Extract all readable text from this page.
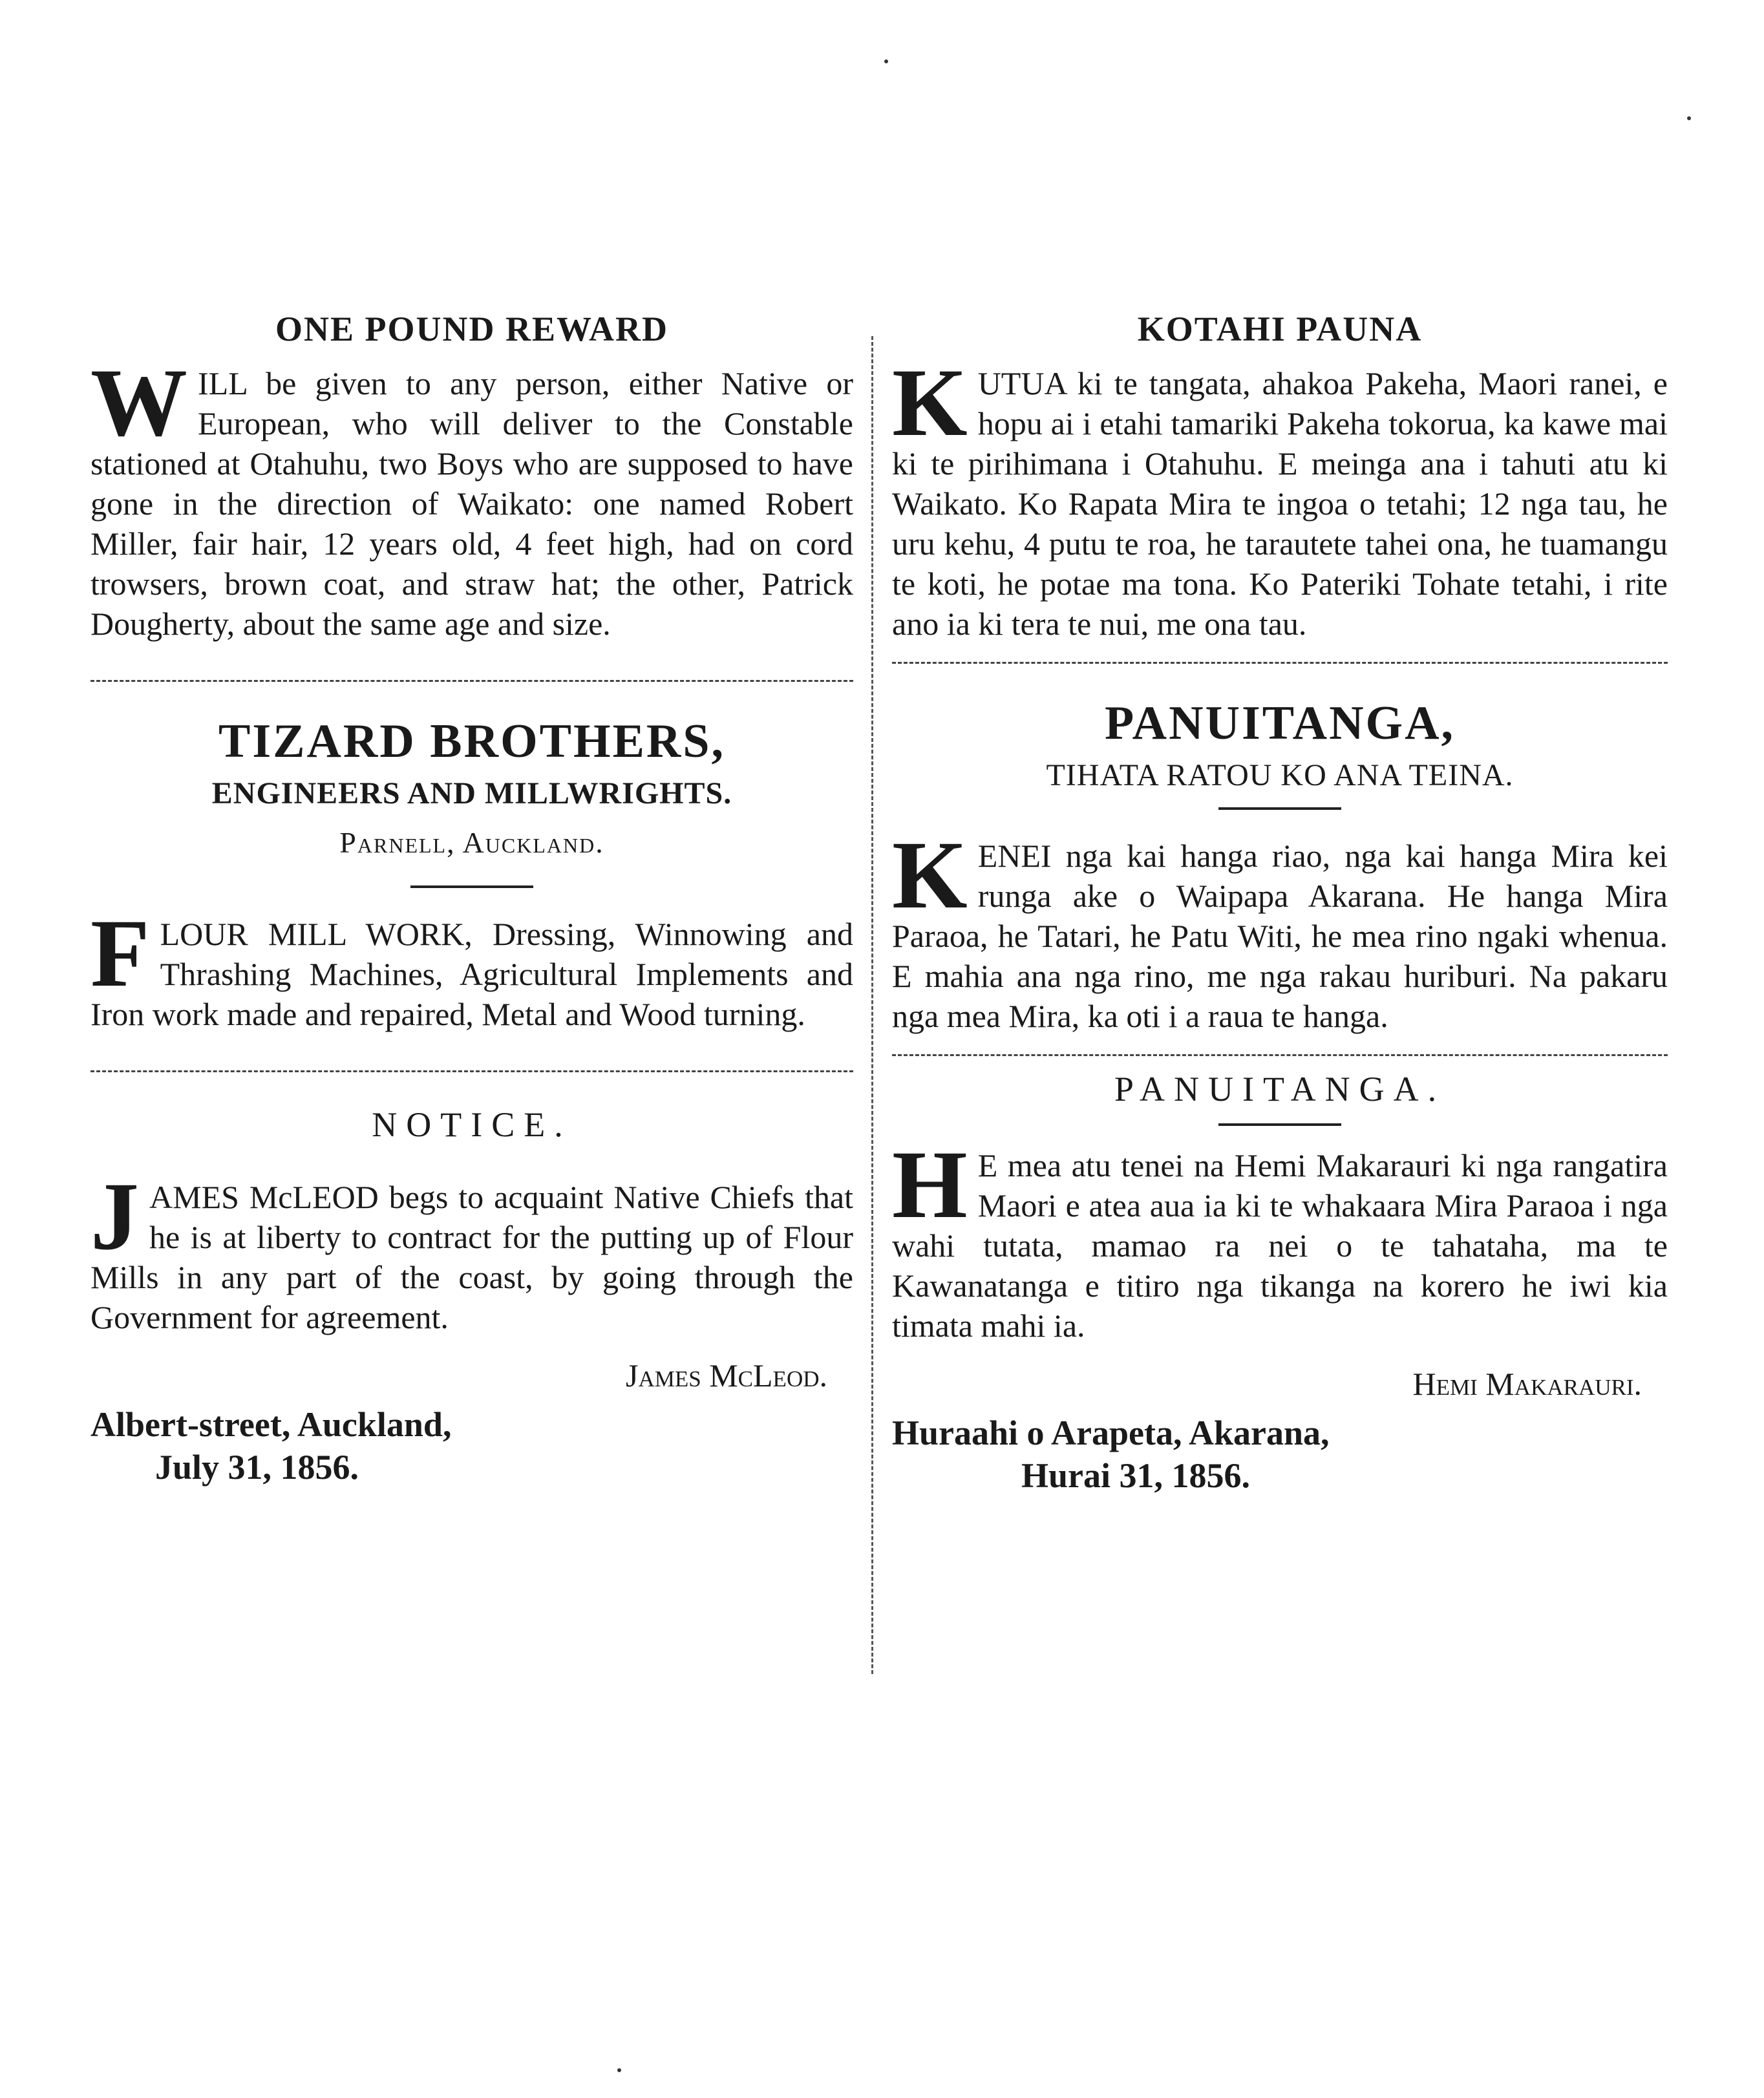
ONE POUND REWARD

WILL be given to any person, either Native or European, who will deliver to the Constable stationed at Otahuhu, two Boys who are supposed to have gone in the direction of Waikato: one named Robert Miller, fair hair, 12 years old, 4 feet high, had on cord trowsers, brown coat, and straw hat; the other, Patrick Dougherty, about the same age and size.

TIZARD BROTHERS,
ENGINEERS AND MILLWRIGHTS.
Parnell, Auckland.

FLOUR MILL WORK, Dressing, Winnowing and Thrashing Machines, Agricultural Implements and Iron work made and repaired, Metal and Wood turning.

NOTICE.

JAMES McLEOD begs to acquaint Native Chiefs that he is at liberty to contract for the putting up of Flour Mills in any part of the coast, by going through the Government for agreement.

James McLeod.
Albert-street, Auckland,
July 31, 1856.
KOTAHI PAUNA

KUTUA ki te tangata, ahakoa Pakeha, Maori ranei, e hopu ai i etahi tamariki Pakeha tokorua, ka kawe mai ki te pirihimana i Otahuhu. E meinga ana i tahuti atu ki Waikato. Ko Rapata Mira te ingoa o tetahi; 12 nga tau, he uru kehu, 4 putu te roa, he tarautete tahei ona, he tuamangu te koti, he potae ma tona. Ko Pateriki Tohate tetahi, i rite ano ia ki tera te nui, me ona tau.

PANUITANGA,
TIHATA RATOU KO ANA TEINA.

KENEI nga kai hanga riao, nga kai hanga Mira kei runga ake o Waipapa Akarana. He hanga Mira Paraoa, he Tatari, he Patu Witi, he mea rino ngaki whenua. E mahia ana nga rino, me nga rakau huriburi. Na pakaru nga mea Mira, ka oti i a raua te hanga.

PANUITANGA.

H E mea atu tenei na Hemi Makarauri ki nga rangatira Maori e atea aua ia ki te whakaara Mira Paraoa i nga wahi tutata, mamao ra nei o te tahataha, ma te Kawanatanga e titiro nga tikanga na korero he iwi kia timata mahi ia.

Hemi Makarauri.
Huraahi o Arapeta, Akarana,
Hurai 31, 1856.
